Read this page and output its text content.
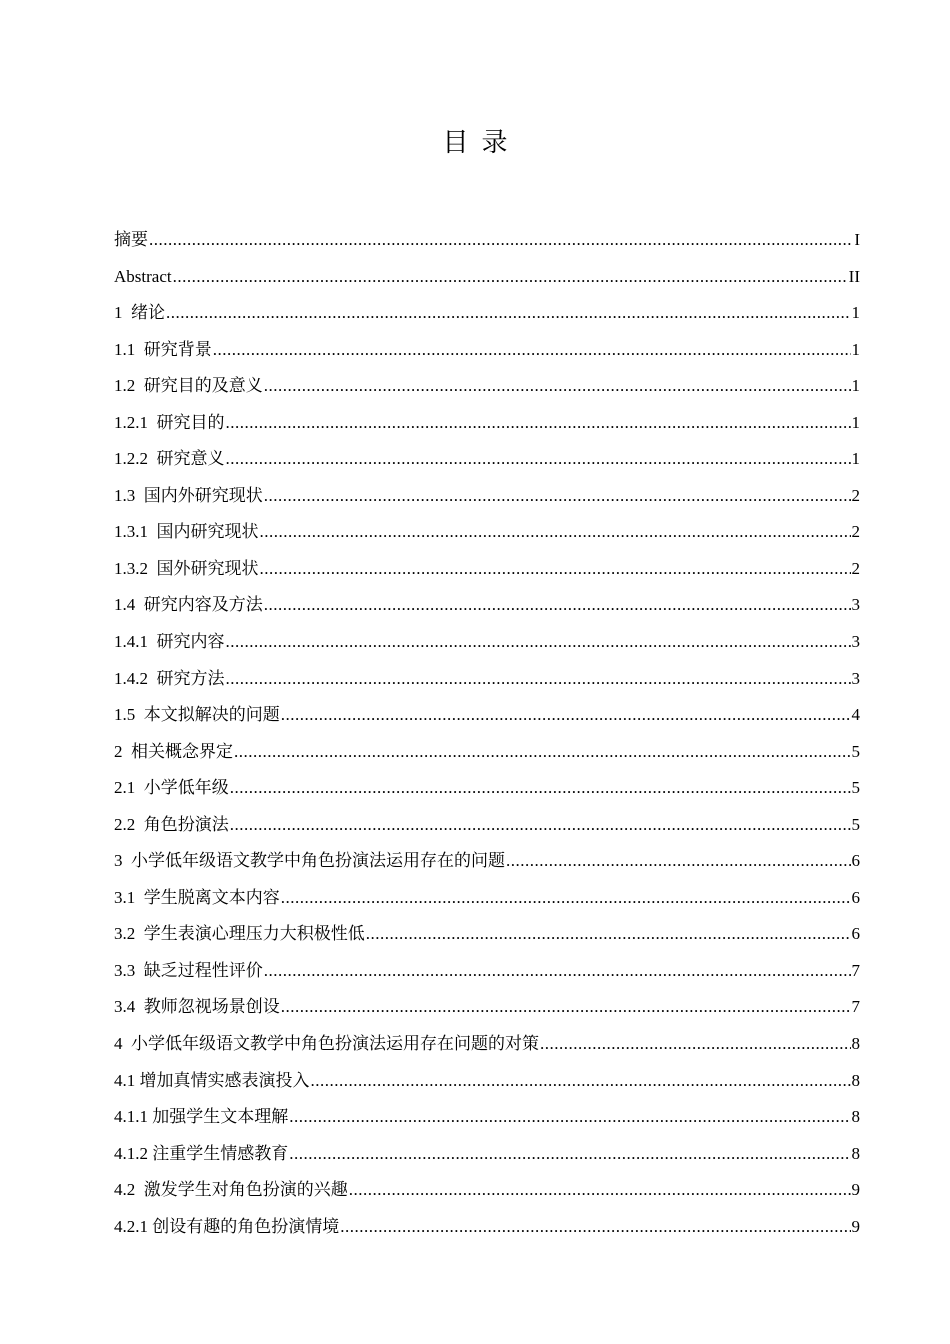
目  录
摘要 .....	I
Abstract .....	II
1  绪论 .....	1
1.1  研究背景 .....	1
1.2  研究目的及意义 .....	1
1.2.1  研究目的 .....	1
1.2.2  研究意义 .....	1
1.3  国内外研究现状 .....	2
1.3.1  国内研究现状 .....	2
1.3.2  国外研究现状 .....	2
1.4  研究内容及方法 .....	3
1.4.1  研究内容 .....	3
1.4.2  研究方法 .....	3
1.5  本文拟解决的问题 .....	4
2  相关概念界定 .....	5
2.1  小学低年级 .....	5
2.2  角色扮演法 .....	5
3  小学低年级语文教学中角色扮演法运用存在的问题 .....	6
3.1  学生脱离文本内容 .....	6
3.2  学生表演心理压力大积极性低 .....	6
3.3  缺乏过程性评价 .....	7
3.4  教师忽视场景创设 .....	7
4  小学低年级语文教学中角色扮演法运用存在问题的对策 .....	8
4.1 增加真情实感表演投入 .....	8
4.1.1 加强学生文本理解 .....	8
4.1.2 注重学生情感教育 .....	8
4.2  激发学生对角色扮演的兴趣 .....	9
4.2.1 创设有趣的角色扮演情境 .....	9
